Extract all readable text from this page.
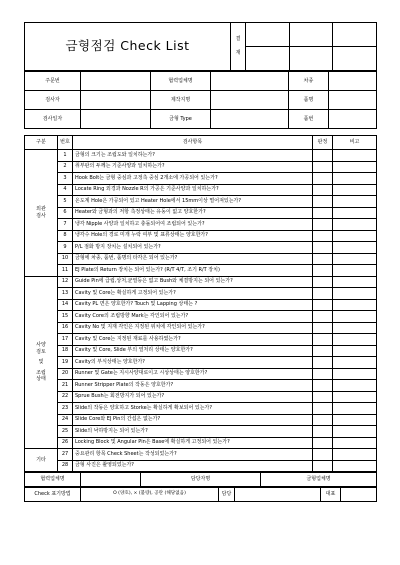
금형점검 Check List	결

재			

주문번		협력업체명		차종	
검사자		제작지명		품명	
검사일자		금형 Type		품번	
구분	번호	검사항목	판정	비고
외관
검사	1	금형의 크기는 조립도와 일치하는가?		
	2	취부판의 두께는 기준사양과 일치하는가?		
	3	Hook Bolt는 금형 중심과 고정측 중심 2개소에 가공되어 있는가?		
	4	Locate Ring 외경과 Nozzle R의 가공은 기준사양과 일치하는가?		
	5	온도계 Hole은 가공되어 있고 Heater Hole에서 15mm이상 떨어져있는가?		
	6	Heater와 금형과의 저항 측정상태는 유동이 없고 양호한가?		
	7	냉각 Nipple 사양과 일치하고 충돌되어여 조립되어 있는가?		
	8	냉각수 Hole의 경로 미개 누락 여부 및 표류상태는 양호한가?		
	9	P/L 점화 방지 장치는 설치되어 있는가?		
	10	금형에 차종, 품번, 품명의 타각은 되어 있는가?		
	11	EJ Plate의 Return 장치는 되어 있는가? (R/T 4/T, 조기 R/T 장치)		

사양
검토
및
조립
상태	12	Guide Pin에 급립,상처,균열등은 없고 Bush와 체결방지는 되어 있는가?		
	13	Cavity 및 Core는 확실하게 고정되어 있는가?		
	14	Cavity PL 면은 양호한가? Touch 및 Lapping 상태는 ?		
	15	Cavity Core의 조립방향 Mark는 각인되어 있는가?		
	16	Cavity No 및 지재 각인은 지정된 위치에 각인되어 있는가?		
	17	Cavity 및 Core는 지정된 재료를 사용하였는가?		
	18	Cavity 및 Core, Slide 부의 열처리 상태는 양호한가?		
	19	Cavity의 부식상태는 양호한가?		
	20	Runner 및 Gate는 지시사양대로이고 시상상태는 양호한가?		
	21	Runner Stripper Plate의 작동은 양호한가?		
	22	Sprue Bush는 회전방지가 되어 있는가?		
	23	Slide의 작동은 양호하고 Storke는 확실하게 확보되어 있는가?		
	24	Slide Core와 EJ Pin의 간섭은 없는가?		
	25	Slide의 낙하방지는 되어 있는가?		
	26	Locking Block 및 Angular Pin은 Base에 확실하게 고정되어 있는가?		
기타	27	중요관리 항목 Check Sheet는 작성되었는가?		
	28	금형 사진은 촬영되었는가?		
협력업체명		담당자명	금형업체명
Check 표기방법	O (양호), × (불량), 공란 (해당없음)	담당		대표	
